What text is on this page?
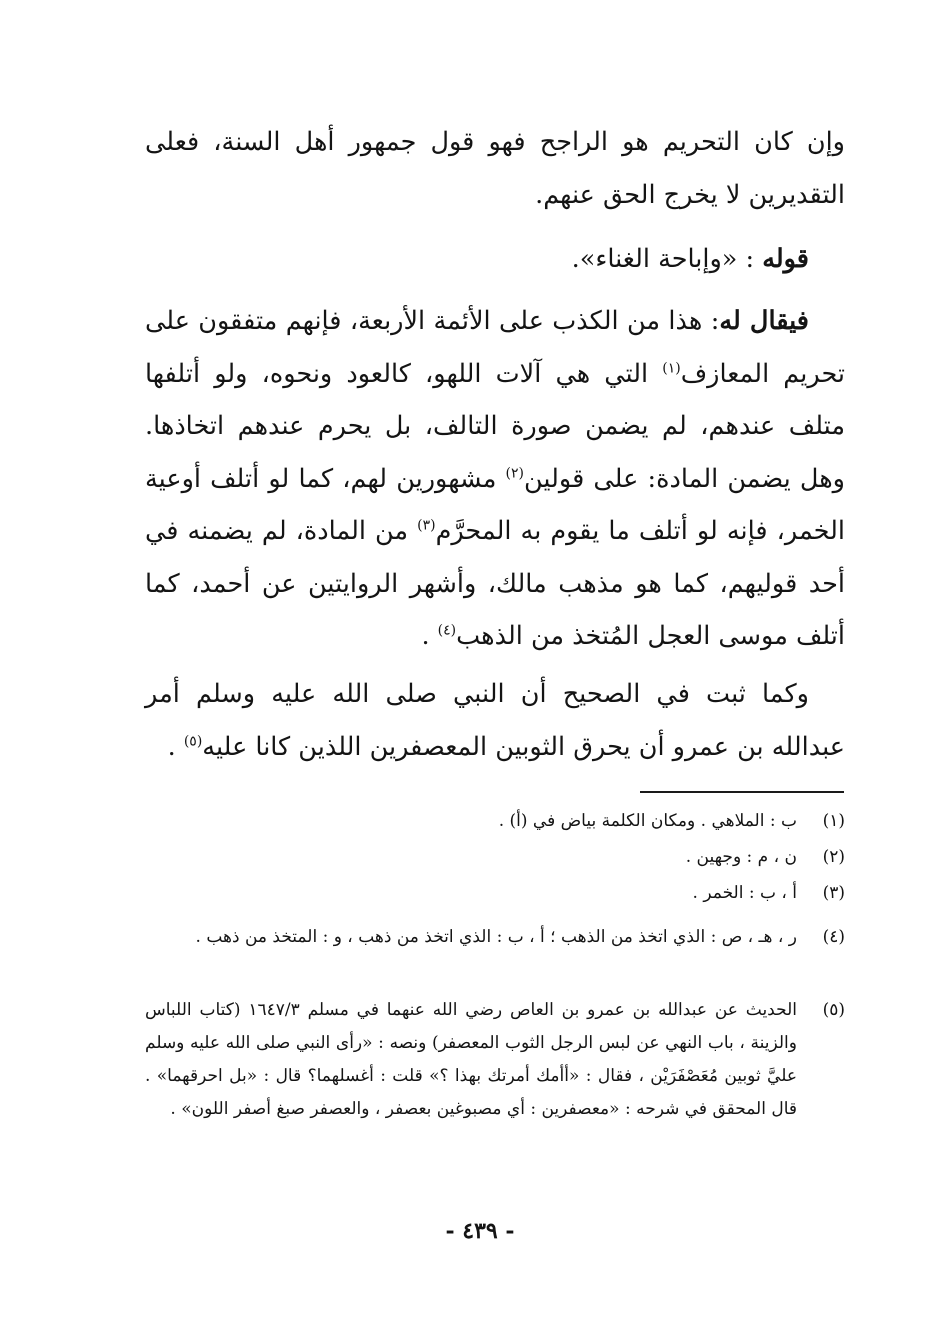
وإن كان التحريم هو الراجح فهو قول جمهور أهل السنة، فعلى التقديرين لا يخرج الحق عنهم.

قوله : «وإباحة الغناء».

فيقال له: هذا من الكذب على الأئمة الأربعة، فإنهم متفقون على تحريم المعازف$^{(١)}$ التي هي آلات اللهو، كالعود ونحوه، ولو أتلفها متلف عندهم، لم يضمن صورة التالف، بل يحرم عندهم اتخاذها. وهل يضمن المادة: على قولين$^{(٢)}$ مشهورين لهم، كما لو أتلف أوعية الخمر، فإنه لو أتلف ما يقوم به المحرَّم$^{(٣)}$ من المادة، لم يضمنه في أحد قوليهم، كما هو مذهب مالك، وأشهر الروايتين عن أحمد، كما أتلف موسى العجل المُتخذ من الذهب$^{(٤)}$ .

وكما ثبت في الصحيح أن النبي صلى الله عليه وسلم أمر عبدالله بن عمرو أن يحرق الثوبين المعصفرين اللذين كانا عليه$^{(٥)}$ .

(١)
ب : الملاهي . ومكان الكلمة بياض في (أ) .
(٢)
ن ، م : وجهين .
(٣)
أ ، ب : الخمر .
(٤)
ر ، هـ ، ص : الذي اتخذ من الذهب ؛ أ ، ب : الذي اتخذ من ذهب ، و : المتخذ من ذهب .
(٥)
الحديث عن عبدالله بن عمرو بن العاص رضي الله عنهما في مسلم ١٦٤٧/٣ (كتاب اللباس والزينة ، باب النهي عن لبس الرجل الثوب المعصفر) ونصه : «رأى النبي صلى الله عليه وسلم عليَّ ثوبين مُعَصْفَرَيْن ، فقال : «أأمك أمرتك بهذا ؟» قلت : أغسلهما؟ قال : «بل احرقهما» . قال المحقق في شرحه : «معصفرين : أي مصبوغين بعصفر ، والعصفر صبغ أصفر اللون» .
- ٤٣٩ -
